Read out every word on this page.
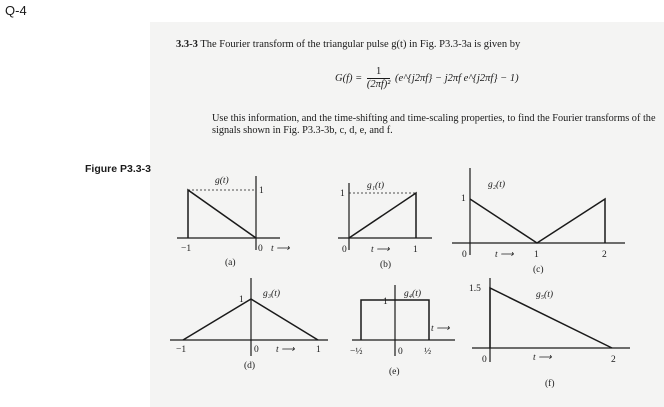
Q-4
3.3-3 The Fourier transform of the triangular pulse g(t) in Fig. P3.3-3a is given by
$G(f) = \frac{1}{\text{(2πf)²}}$ (e^{j2πf} − j2πf e^{j2πf} − 1)
Use this information, and the time-shifting and time-scaling properties, to find the Fourier transforms of the signals shown in Fig. P3.3-3b, c, d, e, and f.
Figure P3.3-3
g(t)
1
−1	0 t ⟶
(a)
g₁(t)
1
0	t ⟶ 1
(b)
g₂(t)
1
0	t ⟶ 1	2
(c)
g₃(t)
1
−1	0 t ⟶ 1
(d)
g₄(t)
1
−½	0 ½
t ⟶
(e)
g₅(t)
1.5
0	t ⟶	2
(f)
